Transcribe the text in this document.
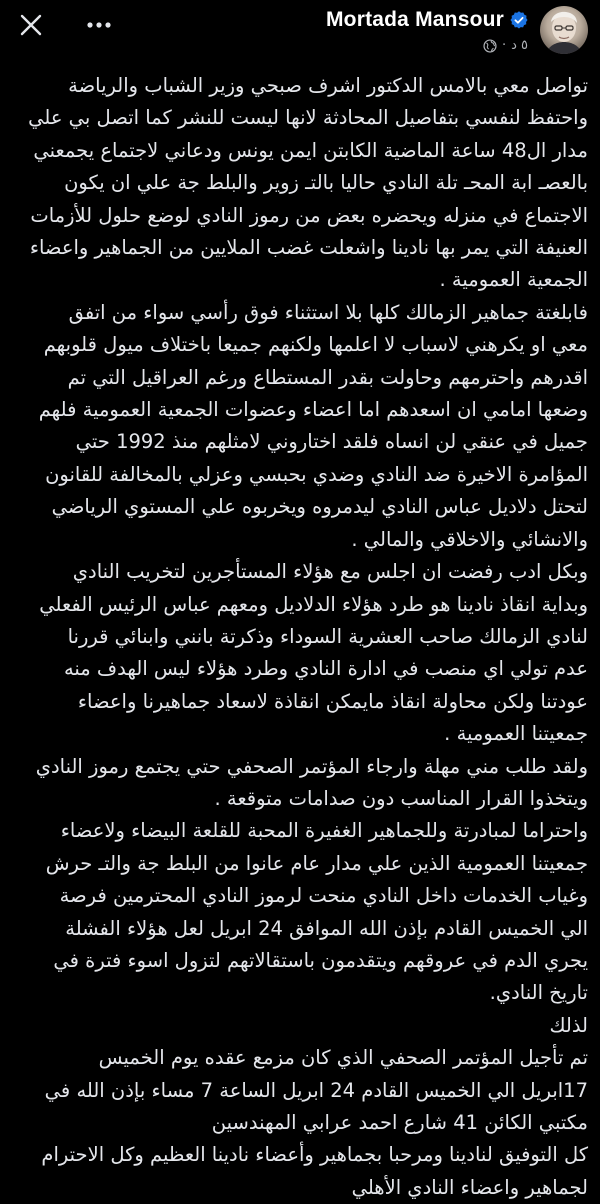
Mortada Mansour
· ٥ د

تواصل معي بالامس الدكتور اشرف صبحي وزير الشباب والرياضة واحتفظ لنفسي بتفاصيل المحادثة لانها ليست للنشر كما اتصل بي علي مدار ال48 ساعة الماضية الكابتن ايمن يونس ودعاني لاجتماع يجمعني بالعصـ ابة المحـ تلة النادي حاليا بالتـ زوير والبلط جة علي ان يكون الاجتماع في منزله ويحضره بعض من رموز النادي لوضع حلول للأزمات العنيفة التي يمر بها نادينا واشعلت غضب الملايين من الجماهير واعضاء الجمعية العمومية .

فابلغتة جماهير الزمالك كلها بلا استثناء فوق رأسي سواء من اتفق معي او يكرهني لاسباب لا اعلمها ولكنهم جميعا باختلاف ميول قلوبهم اقدرهم واحترمهم وحاولت بقدر المستطاع ورغم العراقيل التي تم وضعها امامي ان اسعدهم اما اعضاء وعضوات الجمعية العمومية فلهم جميل في عنقي لن انساه فلقد اختاروني لامثلهم منذ 1992 حتي المؤامرة الاخيرة ضد النادي وضدي بحبسي وعزلي بالمخالفة للقانون لتحتل دلاديل عباس النادي ليدمروه ويخربوه علي المستوي الرياضي والانشائي والاخلاقي والمالي .

وبكل ادب رفضت ان اجلس مع هؤلاء المستأجرين لتخريب النادي وبداية انقاذ نادينا هو طرد هؤلاء الدلاديل ومعهم عباس الرئيس الفعلي لنادي الزمالك صاحب العشرية السوداء وذكرتة بانني وابنائي قررنا عدم تولي اي منصب في ادارة النادي وطرد هؤلاء ليس الهدف منه عودتنا ولكن محاولة انقاذ مايمكن انقاذة لاسعاد جماهيرنا واعضاء جمعيتنا العمومية .

ولقد طلب مني مهلة وارجاء المؤتمر الصحفي حتي يجتمع رموز النادي ويتخذوا القرار المناسب دون صدامات متوقعة .

واحتراما لمبادرتة وللجماهير الغفيرة المحبة للقلعة البيضاء ولاعضاء جمعيتنا العمومية الذين علي مدار عام عانوا من البلط جة والتـ حرش وغياب الخدمات داخل النادي منحت لرموز النادي المحترمين فرصة الي الخميس القادم بإذن الله الموافق 24 ابريل لعل هؤلاء الفشلة يجري الدم في عروقهم ويتقدمون باستقالاتهم لتزول اسوء فترة في تاريخ النادي.

لذلك

تم تأجيل المؤتمر الصحفي الذي كان مزمع عقده يوم الخميس 17ابريل الي الخميس القادم 24 ابريل الساعة 7 مساء بإذن الله في مكتبي الكائن 41 شارع احمد عرابي المهندسين

كل التوفيق لنادينا ومرحبا بجماهير وأعضاء نادينا العظيم وكل الاحترام لجماهير واعضاء النادي الأهلي
